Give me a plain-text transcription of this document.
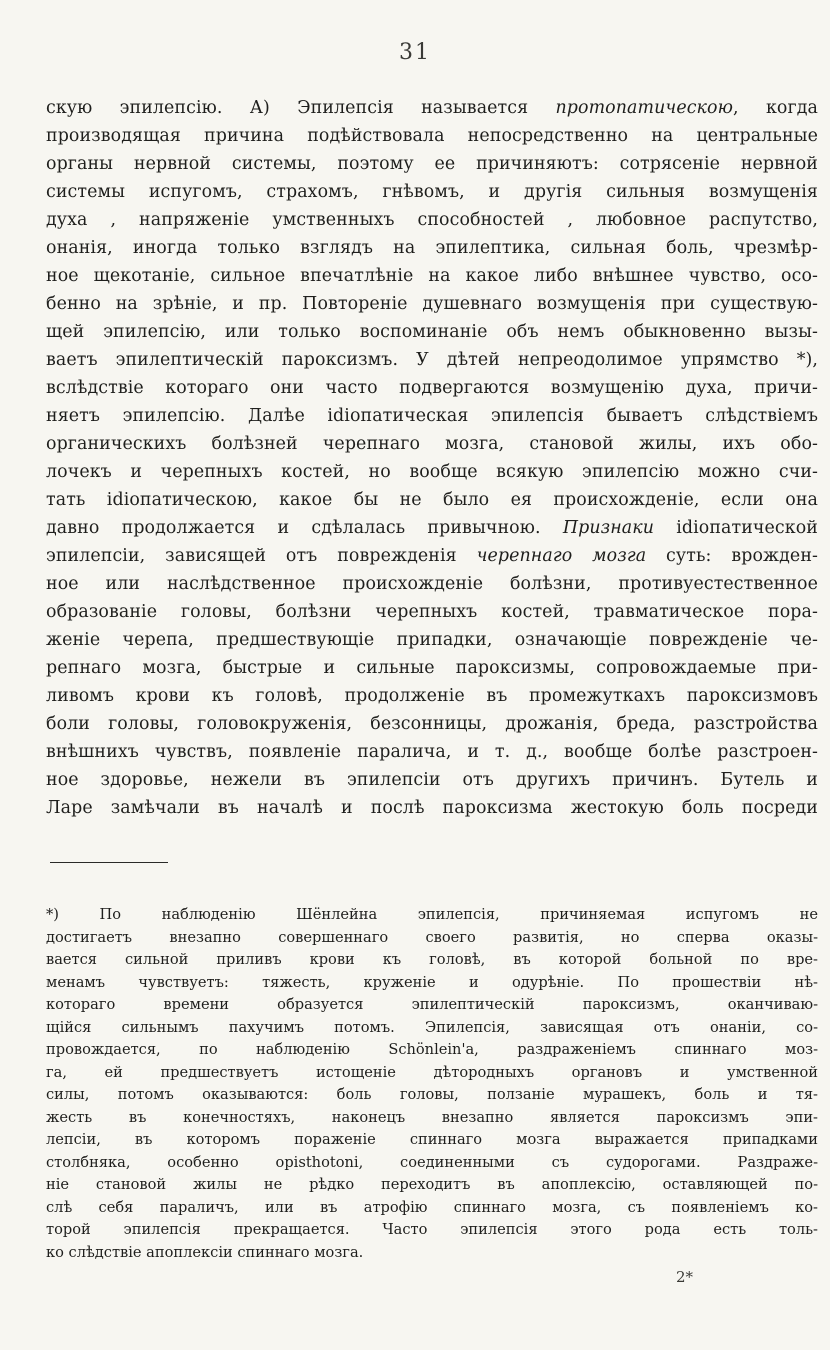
31
скую эпилепсію. А) Эпилепсія называется протопатическою, когда
производящая причина подѣйствовала непосредственно на центральные
органы нервной системы, поэтому ее причиняютъ: сотрясеніе нервной
системы испугомъ, страхомъ, гнѣвомъ, и другія сильныя возмущенія
духа , напряженіе умственныхъ способностей , любовное распутство,
онанія, иногда только взглядъ на эпилептика, сильная боль, чрезмѣр-
ное щекотаніе, сильное впечатлѣніе на какое либо внѣшнее чувство, осо-
бенно на зрѣніе, и пр. Повтореніе душевнаго возмущенія при существую-
щей эпилепсію, или только воспоминаніе объ немъ обыкновенно вызы-
ваетъ эпилептическій пароксизмъ. У дѣтей непреодолимое упрямство *),
вслѣдствіе котораго они часто подвергаются возмущенію духа, причи-
няетъ эпилепсію. Далѣе idіопатическая эпилепсія бываетъ слѣдствіемъ
органическихъ болѣзней черепнаго мозга, становой жилы, ихъ обо-
лочекъ и черепныхъ костей, но вообще всякую эпилепсію можно счи-
тать idіопатическою, какое бы не было ея происхожденіе, если она
давно продолжается и сдѣлалась привычною. Признаки idіопатической
эпилепсіи, зависящей отъ поврежденія черепнаго мозга суть: врожден-
ное или наслѣдственное происхожденіе болѣзни, противуестественное
образованіе головы, болѣзни черепныхъ костей, травматическое пора-
женіе черепа, предшествующіе припадки, означающіе поврежденіе че-
репнаго мозга, быстрые и сильные пароксизмы, сопровождаемые при-
ливомъ крови къ головѣ, продолженіе въ промежуткахъ пароксизмовъ
боли головы, головокруженія, безсонницы, дрожанія, бреда, разстройства
внѣшнихъ чувствъ, появленіе паралича, и т. д., вообще болѣе разстроен-
ное здоровье, нежели въ эпилепсіи отъ другихъ причинъ. Бутель и
Ларе замѣчали въ началѣ и послѣ пароксизма жестокую боль посреди
*) По наблюденію Шёнлейна эпилепсія, причиняемая испугомъ не
достигаетъ внезапно совершеннаго своего развитія, но сперва оказы-
вается сильной приливъ крови къ головѣ, въ которой больной по вре-
менамъ чувствуетъ: тяжесть, круженіе и одурѣніе. По прошествіи нѣ-
котораго времени образуется эпилептическій пароксизмъ, оканчиваю-
щійся сильнымъ пахучимъ потомъ. Эпилепсія, зависящая отъ онаніи, со-
провождается, по наблюденію Schönlein'a, раздраженіемъ спиннаго моз-
га, ей предшествуетъ истощеніе дѣтородныхъ органовъ и умственной
силы, потомъ оказываются: боль головы, ползаніе мурашекъ, боль и тя-
жесть въ конечностяхъ, наконецъ внезапно является пароксизмъ эпи-
лепсіи, въ которомъ пораженіе спиннаго мозга выражается припадками
столбняка, особенно opisthotoni, соединенными съ судорогами. Раздраже-
ніе становой жилы не рѣдко переходитъ въ апоплексію, оставляющей по-
слѣ себя параличъ, или въ атрофію спиннаго мозга, съ появленіемъ ко-
торой эпилепсія прекращается. Часто эпилепсія этого рода есть толь-
ко слѣдствіе апоплексіи спиннаго мозга.
2*
